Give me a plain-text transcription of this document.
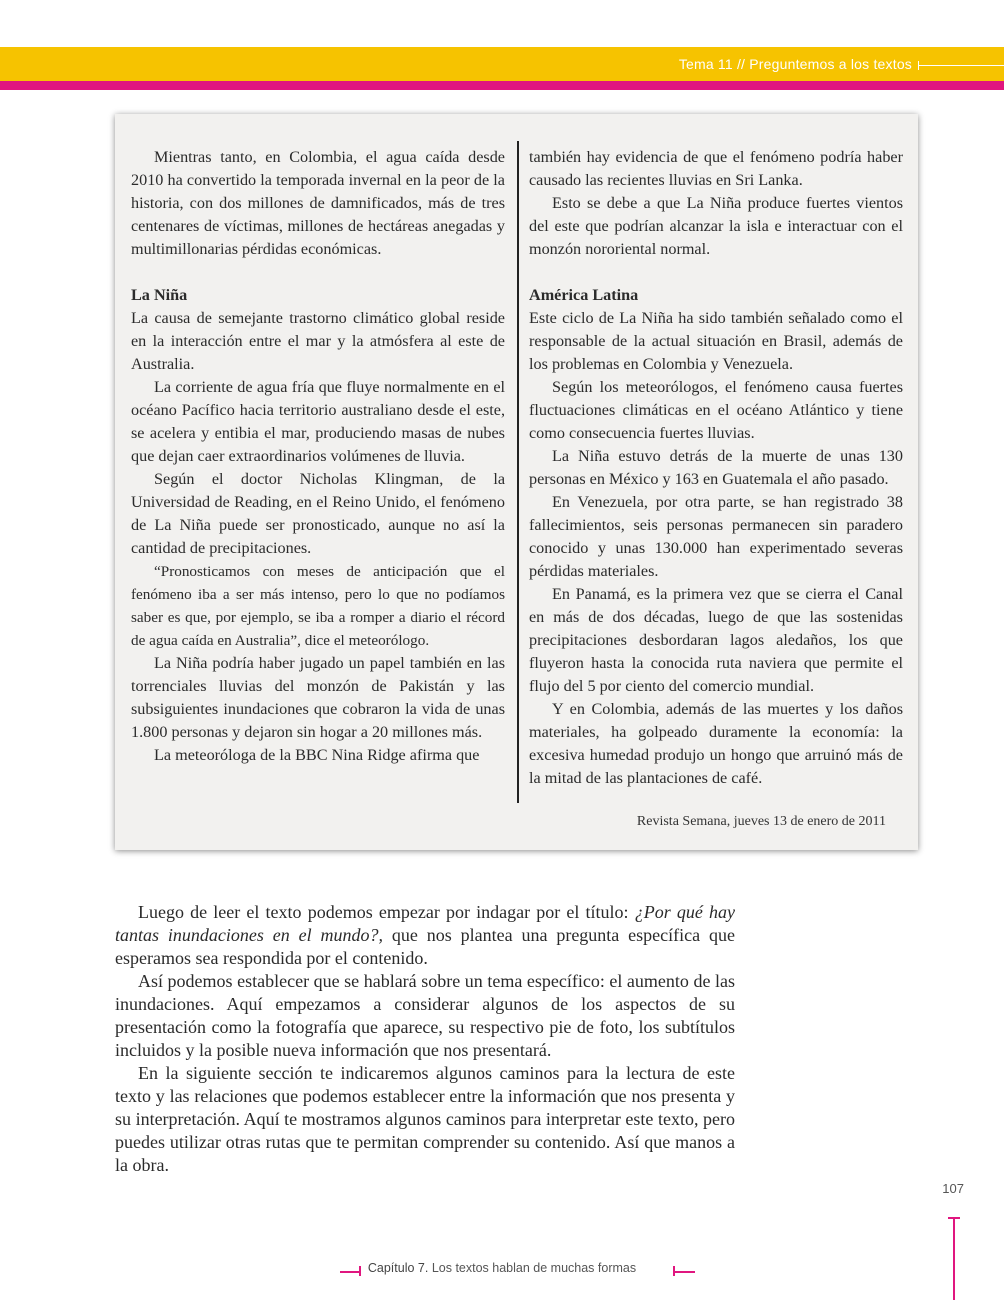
Tema 11 // Preguntemos a los textos

Mientras tanto, en Colombia, el agua caída desde 2010 ha convertido la temporada invernal en la peor de la historia, con dos millones de damnificados, más de tres centenares de víctimas, millones de hectáreas anegadas y multimillonarias pérdidas económicas.

La Niña

La causa de semejante trastorno climático global reside en la interacción entre el mar y la atmósfera al este de Australia.

La corriente de agua fría que fluye normalmente en el océano Pacífico hacia territorio australiano desde el este, se acelera y entibia el mar, produciendo masas de nubes que dejan caer extraordinarios volúmenes de lluvia.

Según el doctor Nicholas Klingman, de la Universidad de Reading, en el Reino Unido, el fenómeno de La Niña puede ser pronosticado, aunque no así la cantidad de precipitaciones.

“Pronosticamos con meses de anticipación que el fenómeno iba a ser más intenso, pero lo que no podíamos saber es que, por ejemplo, se iba a romper a diario el récord de agua caída en Australia”, dice el meteorólogo.

La Niña podría haber jugado un papel también en las torrenciales lluvias del monzón de Pakistán y las subsiguientes inundaciones que cobraron la vida de unas 1.800 personas y dejaron sin hogar a 20 millones más.

La meteoróloga de la BBC Nina Ridge afirma que

también hay evidencia de que el fenómeno podría haber causado las recientes lluvias en Sri Lanka.

Esto se debe a que La Niña produce fuertes vientos del este que podrían alcanzar la isla e interactuar con el monzón nororiental normal.

América Latina

Este ciclo de La Niña ha sido también señalado como el responsable de la actual situación en Brasil, además de los problemas en Colombia y Venezuela.

Según los meteorólogos, el fenómeno causa fuertes fluctuaciones climáticas en el océano Atlántico y tiene como consecuencia fuertes lluvias.

La Niña estuvo detrás de la muerte de unas 130 personas en México y 163 en Guatemala el año pasado.

En Venezuela, por otra parte, se han registrado 38 fallecimientos, seis personas permanecen sin paradero conocido y unas 130.000 han experimentado severas pérdidas materiales.

En Panamá, es la primera vez que se cierra el Canal en más de dos décadas, luego de que las sostenidas precipitaciones desbordaran lagos aledaños, los que fluyeron hasta la conocida ruta naviera que permite el flujo del 5 por ciento del comercio mundial.

Y en Colombia, además de las muertes y los daños materiales, ha golpeado duramente la economía: la excesiva humedad produjo un hongo que arruinó más de la mitad de las plantaciones de café.

Revista Semana, jueves 13 de enero de 2011

Luego de leer el texto podemos empezar por indagar por el título: ¿Por qué hay tantas inundaciones en el mundo?, que nos plantea una pregunta específica que esperamos sea respondida por el contenido.

Así podemos establecer que se hablará sobre un tema específico: el aumento de las inundaciones. Aquí empezamos a considerar algunos de los aspectos de su presentación como la fotografía que aparece, su respectivo pie de foto, los subtítulos incluidos y la posible nueva información que nos presentará.

En la siguiente sección te indicaremos algunos caminos para la lectura de este texto y las relaciones que podemos establecer entre la información que nos presenta y su interpretación. Aquí te mostramos algunos caminos para interpretar este texto, pero puedes utilizar otras rutas que te permitan comprender su contenido. Así que manos a la obra.

107
Capítulo 7. Los textos hablan de muchas formas
